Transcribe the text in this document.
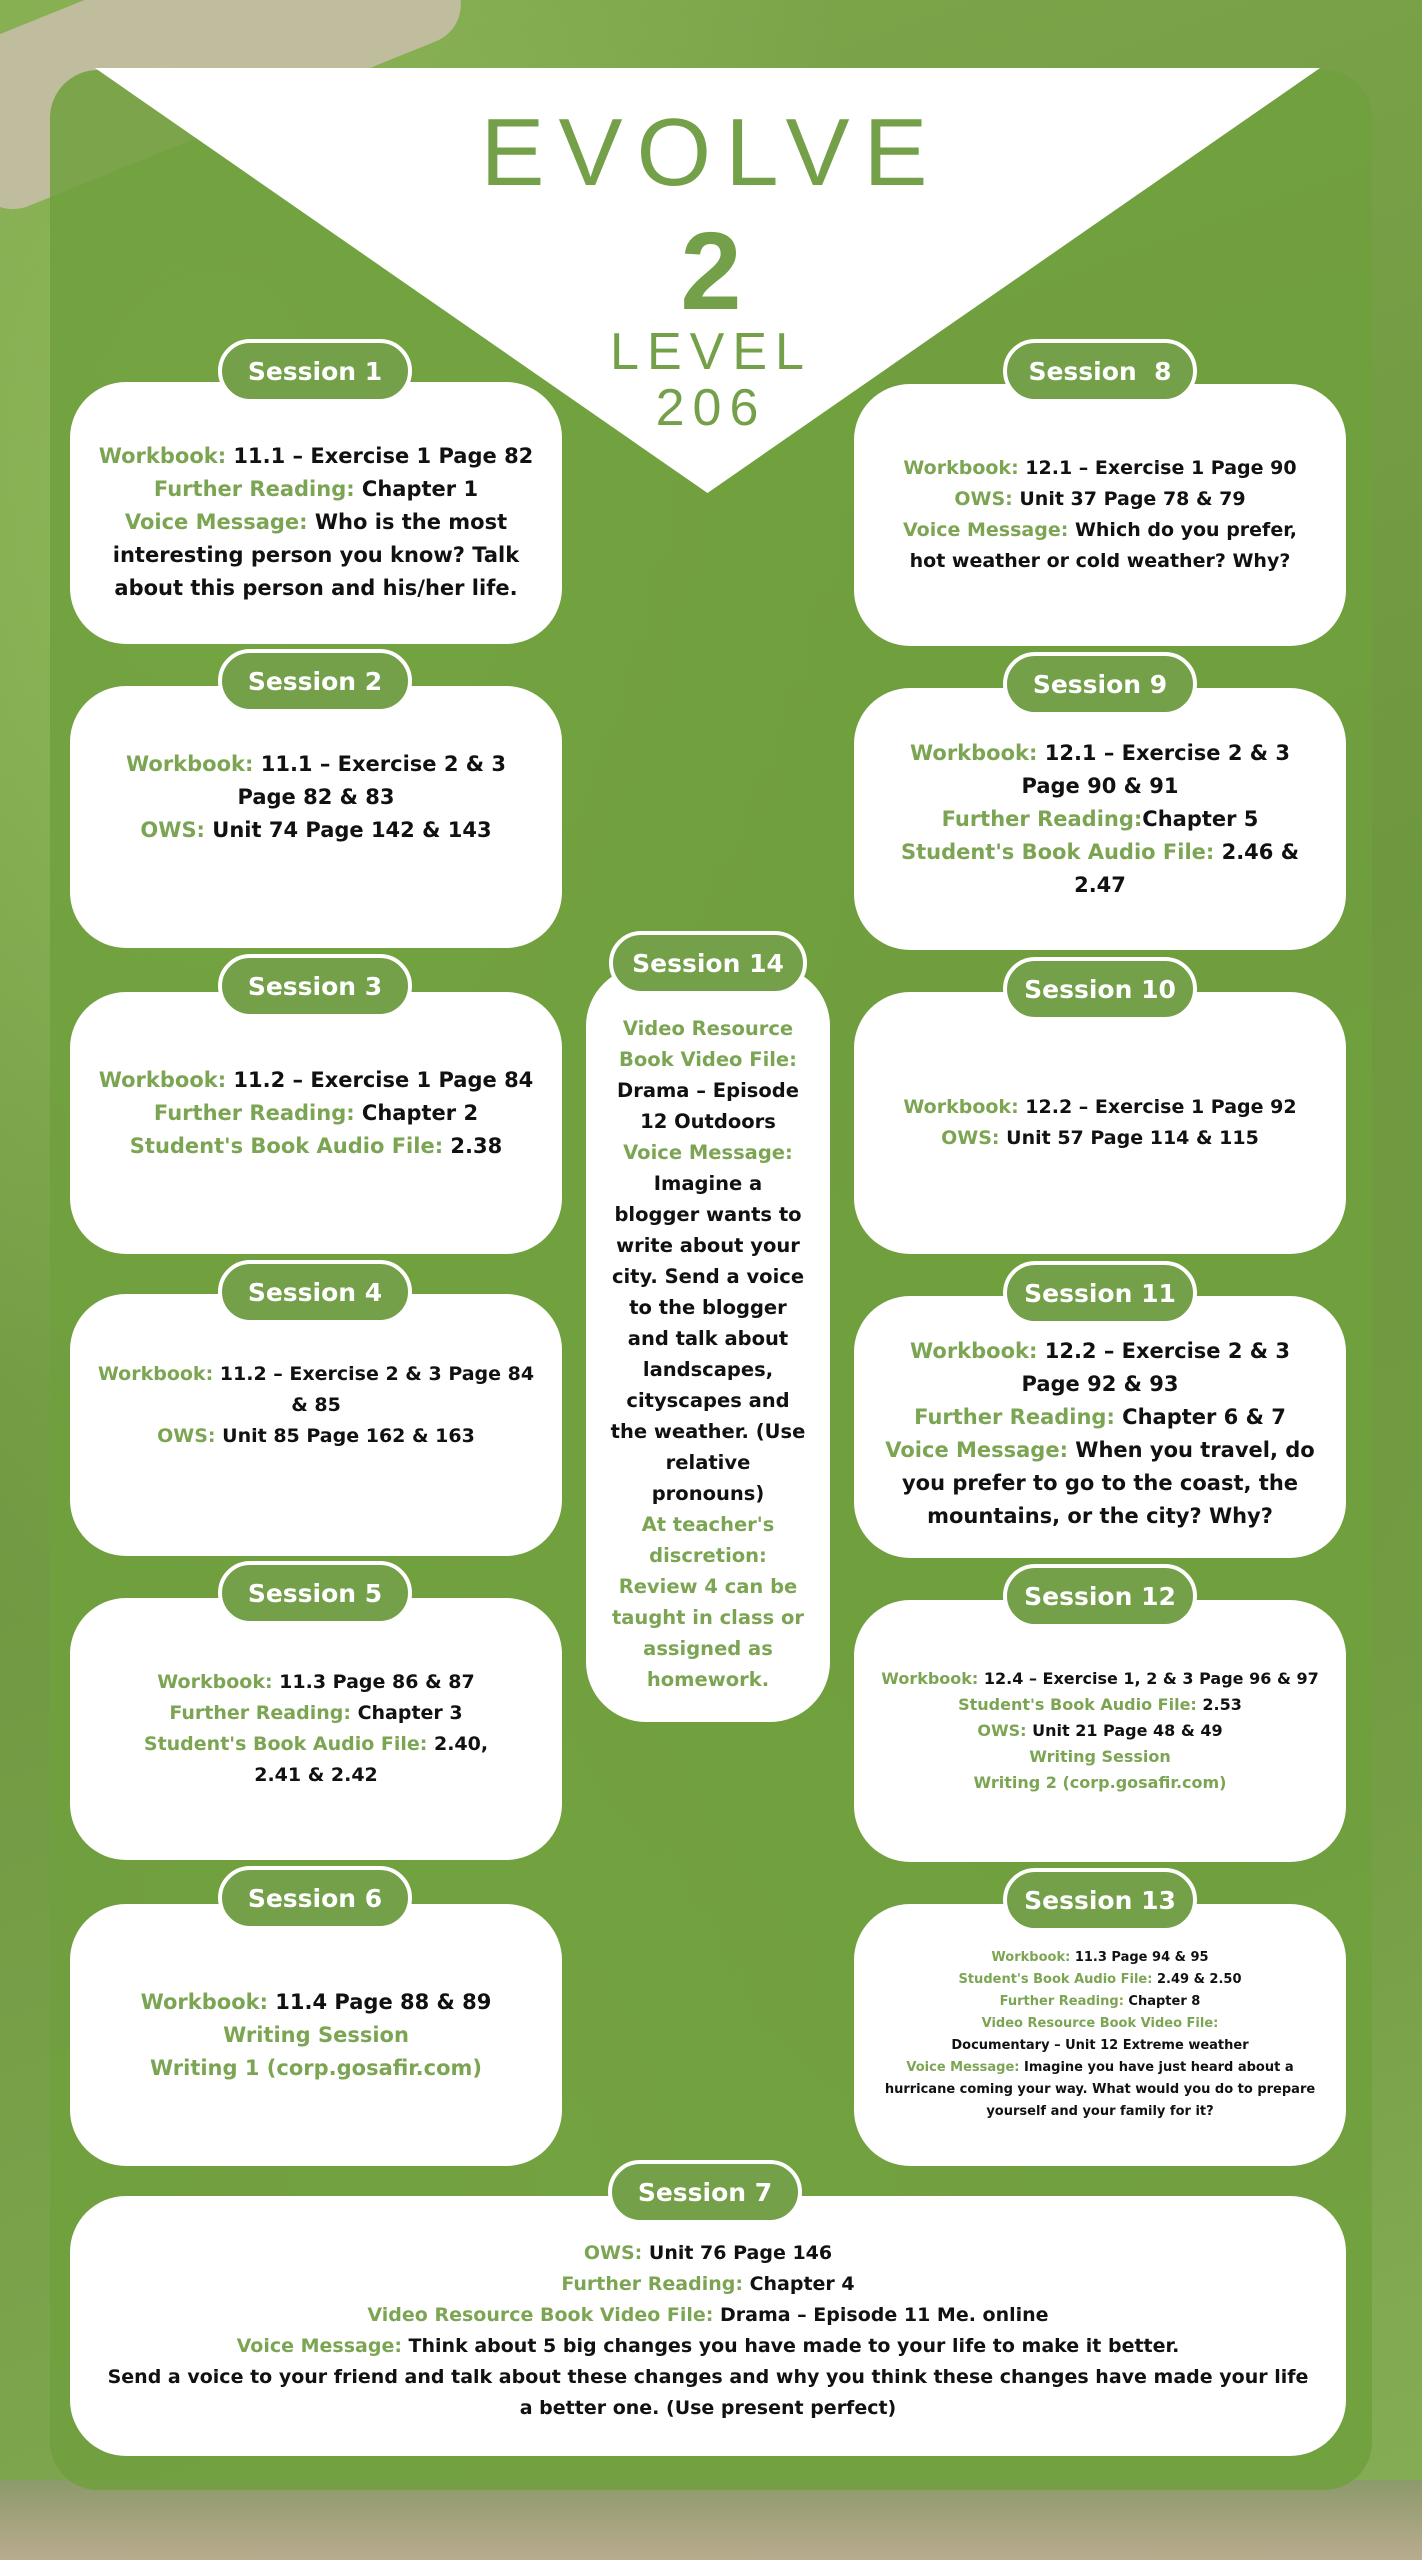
EVOLVE
2
LEVEL
206

Workbook: 11.1 – Exercise 1 Page 82

Further Reading: Chapter 1

Voice Message: Who is the most interesting person you know? Talk about this person and his/her life.

Session 1

Workbook: 11.1 – Exercise 2 & 3 Page 82 & 83

OWS: Unit 74 Page 142 & 143

Session 2

Workbook: 11.2 – Exercise 1 Page 84

Further Reading: Chapter 2

Student's Book Audio File: 2.38

Session 3

Workbook: 11.2 – Exercise 2 & 3 Page 84 & 85

OWS: Unit 85 Page 162 & 163

Session 4

Workbook: 11.3 Page 86 & 87

Further Reading: Chapter 3

Student's Book Audio File: 2.40, 2.41 & 2.42

Session 5

Workbook: 11.4 Page 88 & 89

Writing Session

Writing 1 (corp.gosafir.com)

Session 6

Workbook: 12.1 – Exercise 1 Page 90

OWS: Unit 37 Page 78 & 79

Voice Message: Which do you prefer, hot weather or cold weather? Why?

Session  8

Workbook: 12.1 – Exercise 2 & 3 Page 90 & 91

Further Reading:Chapter 5

Student's Book Audio File: 2.46 & 2.47

Session 9

Workbook: 12.2 – Exercise 1 Page 92

OWS: Unit 57 Page 114 & 115

Session 10

Workbook: 12.2 – Exercise 2 & 3 Page 92 & 93

Further Reading: Chapter 6 & 7

Voice Message: When you travel, do you prefer to go to the coast, the mountains, or the city? Why?

Session 11

Workbook: 12.4 – Exercise 1, 2 & 3 Page 96 & 97

Student's Book Audio File: 2.53

OWS: Unit 21 Page 48 & 49

Writing Session

Writing 2 (corp.gosafir.com)

Session 12

Workbook: 11.3 Page 94 & 95

Student's Book Audio File: 2.49 & 2.50

Further Reading: Chapter 8

Video Resource Book Video File: Documentary – Unit 12 Extreme weather

Voice Message: Imagine you have just heard about a hurricane coming your way. What would you do to prepare yourself and your family for it?

Session 13

Video Resource Book Video File: Drama – Episode 12 Outdoors

Voice Message: Imagine a blogger wants to write about your city. Send a voice to the blogger and talk about landscapes, cityscapes and the weather. (Use relative pronouns)

At teacher's discretion: Review 4 can be taught in class or assigned as homework.

Session 14

OWS: Unit 76 Page 146

Further Reading: Chapter 4

Video Resource Book Video File: Drama – Episode 11 Me. online

Voice Message: Think about 5 big changes you have made to your life to make it better.

Send a voice to your friend and talk about these changes and why you think these changes have made your life a better one. (Use present perfect)

Session 7
